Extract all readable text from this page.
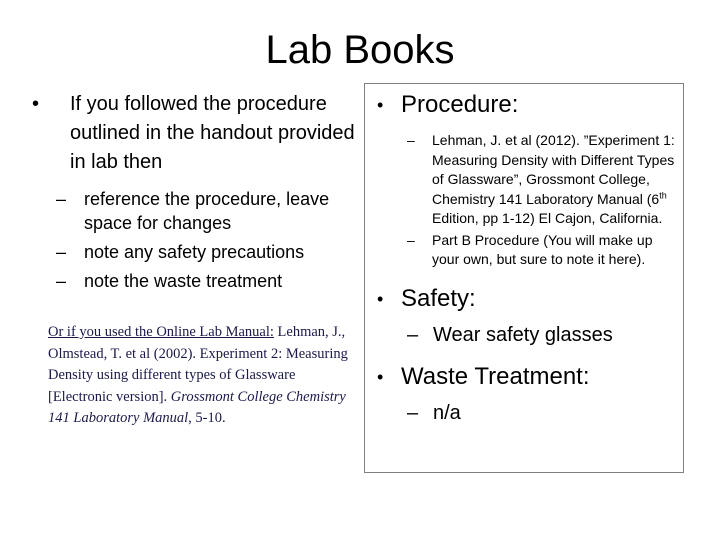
Lab Books
• If you followed the procedure outlined in the handout provided in lab then
– reference the procedure, leave space for changes
– note any safety precautions
– note the waste treatment
Or if you used the Online Lab Manual: Lehman, J., Olmstead, T. et al (2002). Experiment 2: Measuring Density using different types of Glassware [Electronic version]. Grossmont College Chemistry 141 Laboratory Manual, 5-10.
• Procedure:
– Lehman, J. et al (2012). ”Experiment 1: Measuring Density with Different Types of Glassware”, Grossmont College, Chemistry 141 Laboratory Manual (6th Edition, pp 1-12) El Cajon, California.
– Part B Procedure (You will make up your own, but sure to note it here).
• Safety:
– Wear safety glasses
• Waste Treatment:
– n/a
